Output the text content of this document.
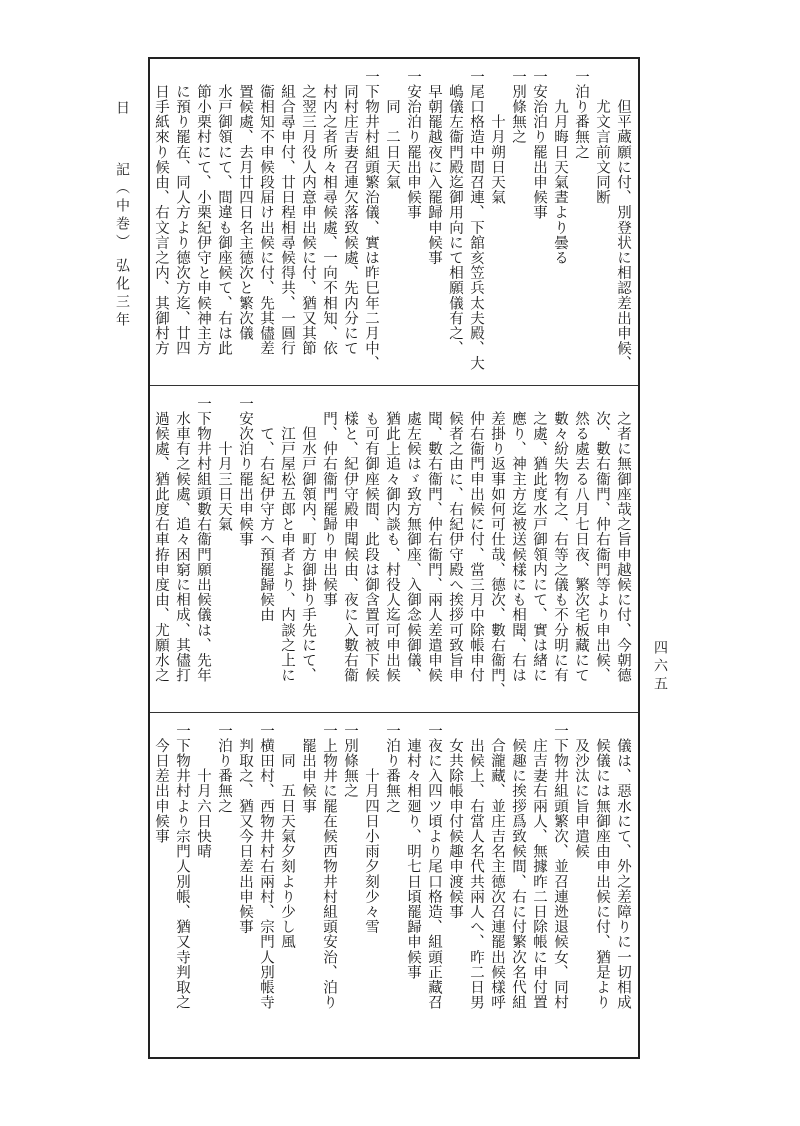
　　但平蔵願に付、別登状に相認差出申候、
　　尤文言前文同断
一泊り番無之
　　九月晦日天氣晝より曇る
一安治泊り罷出申候事
一別條無之
　　　十月朔日天氣
一尾口格造中間召連、下舘亥笠兵太夫殿、大
　嶋儀左衞門殿迄御用向にて相願儀有之、
　早朝罷越夜に入罷歸申候事
一安治泊り罷出申候事
　　同　二日天氣
一下物井村組頭繁治儀、實は昨巳年二月中、
　同村庄吉妻召連欠落致候處、先内分にて
　村内之者所々相尋候處、一向不相知、依
　之翌三月役人内意申出候に付、猶又其節
　組合尋申付、廿日程相尋候得共、一圓行
　衞相知不申候段届け出候に付、先其儘差
　置候處、去月廿四日名主德次と繁次儀
　水戸御領にて、間違も御座候て、右は此
　節小栗村にて、小栗紀伊守と申候神主方
　に預り罷在、同人方より德次方迄、廿四
　日手紙來り候由、右文言之内、其御村方
　之者に無御座哉之旨申越候に付、今朝德
　次、數右衞門、仲右衞門等より申出候、
　然る處去る八月七日夜、繁次宅板藏にて
　數々紛失物有之、右等之儀も不分明に有
　之處、猶此度水戸御領内にて、實は緖に
　應り、神主方迄被送候樣にも相聞、右は
　差掛り返事如何可仕哉、德次、數右衞門、
　仲右衞門申出候に付、當三月中除帳申付
　候者之由に、右紀伊守殿へ挨拶可致旨申
　聞、數右衞門、仲右衞門、兩人差遣申候
　處左候はゞ致方無御座、入御念候御儀、
　猶此上追々御内談も、村役人迄可申出候
　も可有御座候間、此段は御含置可被下候
　樣と、紀伊守殿申聞候由、夜に入數右衞
　門、仲右衞門罷歸り申出候事
　　但水戸御領内、町方御掛り手先にて、
　　江戸屋松五郎と申者より、内談之上に
　　て、右紀伊守方へ預罷歸候由
一安次泊り罷出申候事
　　　十月三日天氣
一下物井村組頭數右衞門願出候儀は、先年
　水車有之候處、追々困窮に相成、其儘打
　過候處、猶此度右車拵申度由、尤願水之
　儀は、惡水にて、外之差障りに一切相成
　候儀には無御座由申出候に付、猶是より
　及沙汰に旨申遣候
一下物井組頭繁次、並召連迯退候女、同村
　庄吉妻右兩人、無據昨二日除帳に申付置
　候趣に挨拶爲致候間、右に付繁次名代組
　合瀧藏、並庄吉名主德次召連罷出候樣呼
　出候上、右當人名代共兩人へ、昨二日男
　女共除帳申付候趣申渡候事
一夜に入四ツ頃より尾口格造、組頭正藏召
　連村々相廻り、明七日頃罷歸申候事
一泊り番無之
　　　十月四日小雨夕刻少々雪
一別條無之
一上物井に罷在候西物井村組頭安治、泊り
　罷出申候事
　　同　五日天氣夕刻より少し風
一横田村、西物井村右兩村、宗門人別帳寺
　判取之、猶又今日差出申候事
一泊り番無之
　　　十月六日快晴
一下物井村より宗門人別帳、猶又寺判取之
　今日差出申候事
日
記（中巻）
弘化三年
四六五
